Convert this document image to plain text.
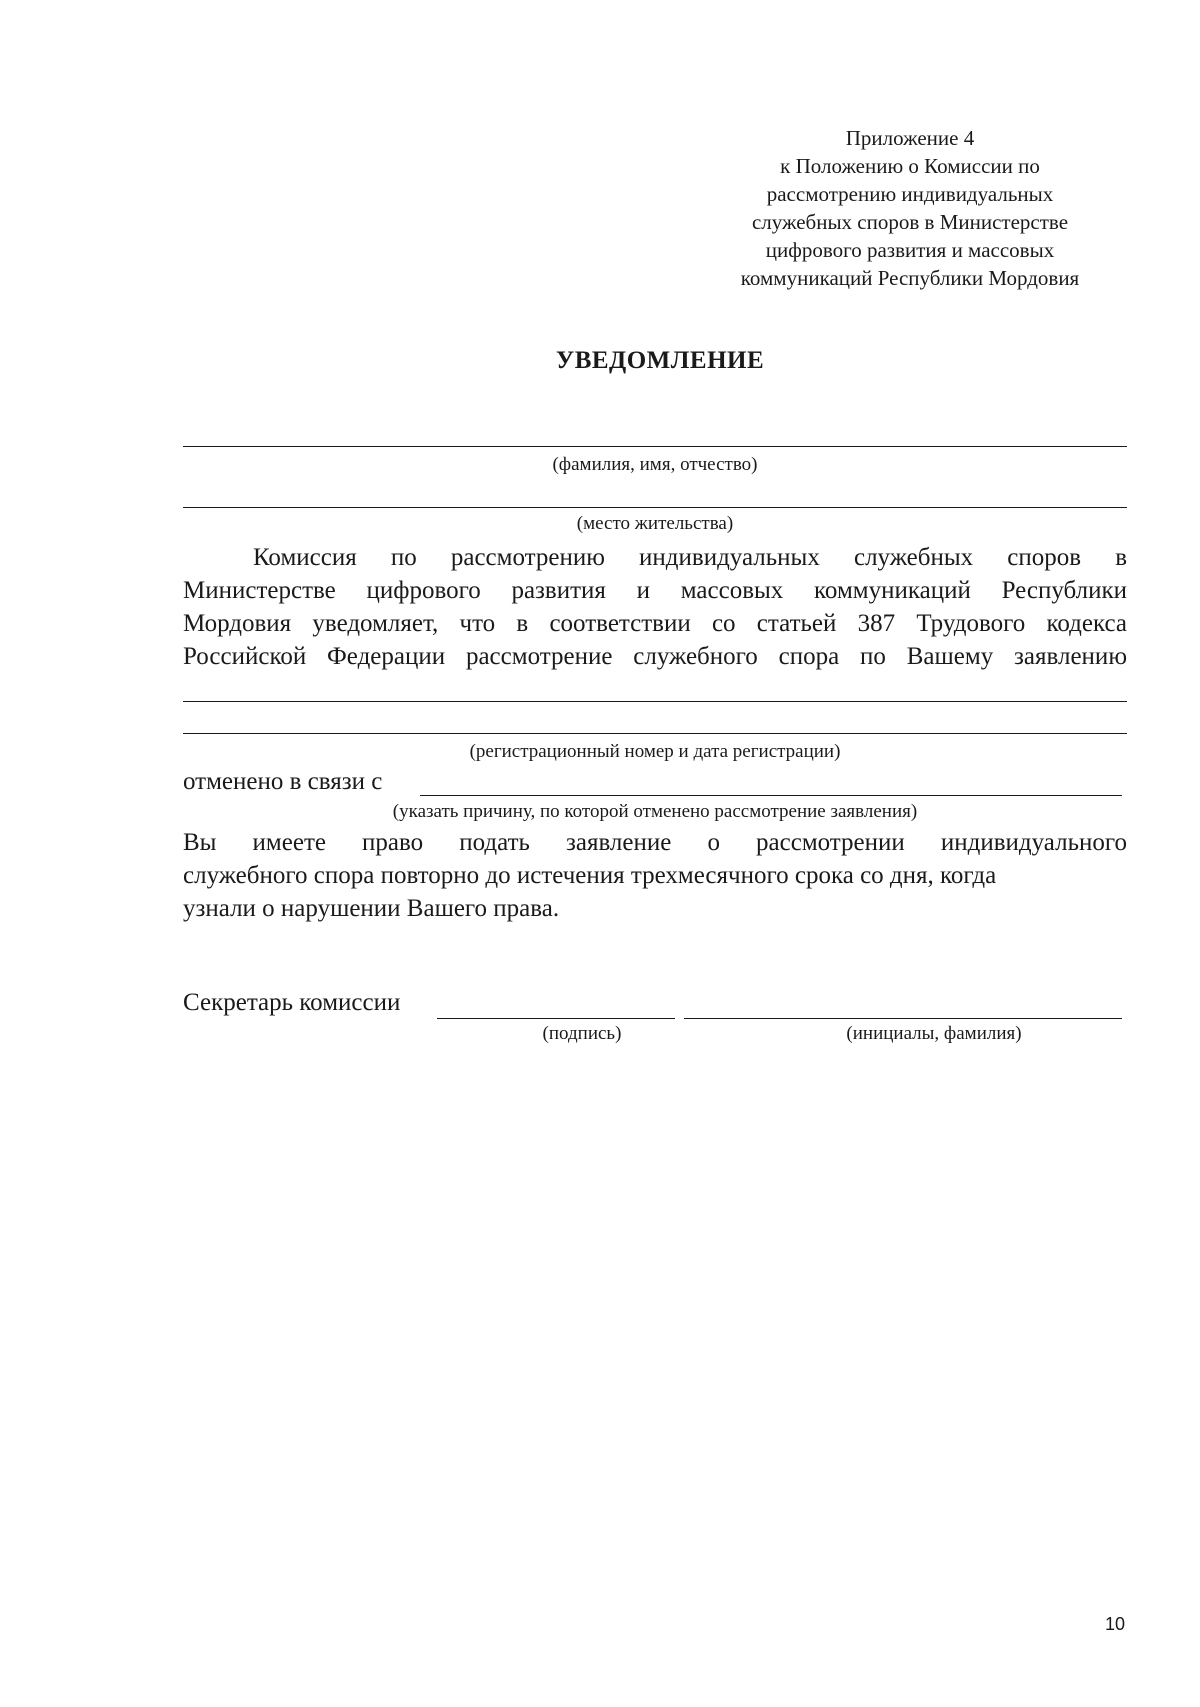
Приложение 4
к Положению о Комиссии по
рассмотрению индивидуальных
служебных споров в Министерстве
цифрового развития и массовых
коммуникаций Республики Мордовия
УВЕДОМЛЕНИЕ
(фамилия, имя, отчество)
(место жительства)
Комиссия по рассмотрению индивидуальных служебных споров в
Министерстве цифрового развития и массовых коммуникаций Республики
Мордовия уведомляет, что в соответствии со статьей 387 Трудового кодекса
Российской Федерации рассмотрение служебного спора по Вашему заявлению
(регистрационный номер и дата регистрации)
отменено в связи с
(указать причину, по которой отменено рассмотрение заявления)
Вы имеете право подать заявление о рассмотрении индивидуального
служебного спора повторно до истечения трехмесячного срока со дня, когда
узнали о нарушении Вашего права.
Секретарь комиссии
(подпись)	(инициалы, фамилия)
10
